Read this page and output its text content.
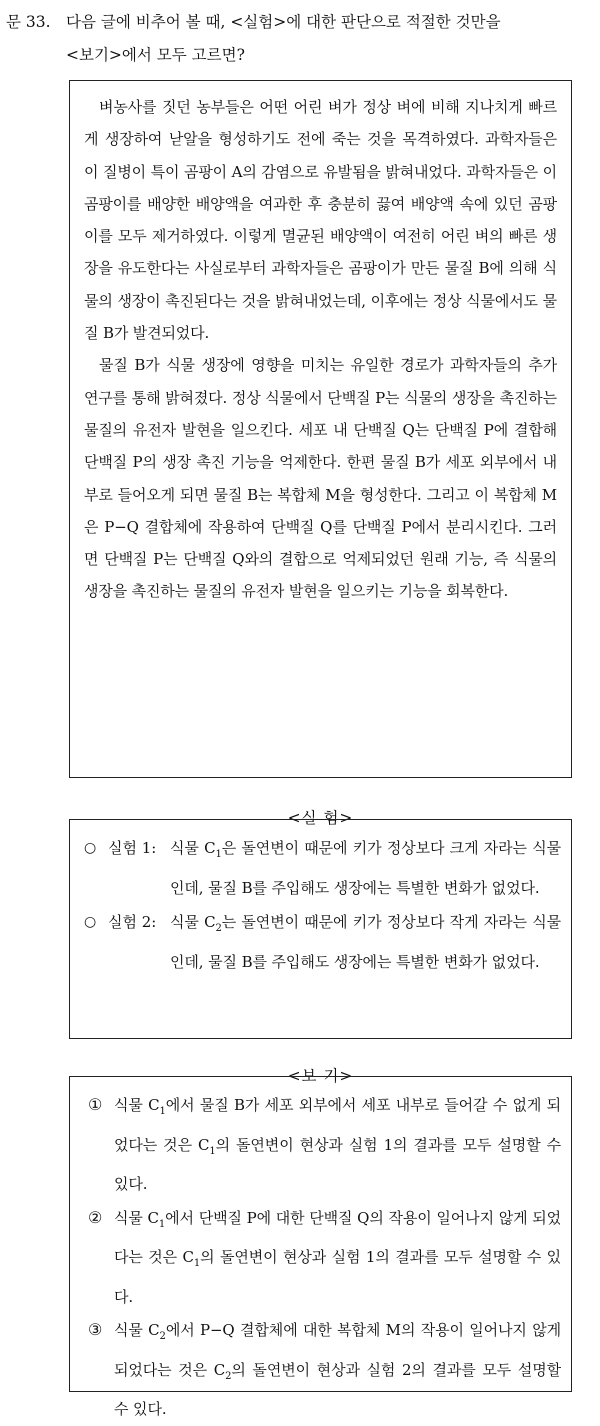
문 33. 다음 글에 비추어 볼 때, <실험>에 대한 판단으로 적절한 것만을
<보기>에서 모두 고르면?

벼농사를 짓던 농부들은 어떤 어린 벼가 정상 벼에 비해 지나치게 빠르게 생장하여 낟알을 형성하기도 전에 죽는 것을 목격하였다. 과학자들은 이 질병이 특이 곰팡이 A의 감염으로 유발됨을 밝혀내었다. 과학자들은 이 곰팡이를 배양한 배양액을 여과한 후 충분히 끓여 배양액 속에 있던 곰팡이를 모두 제거하였다. 이렇게 멸균된 배양액이 여전히 어린 벼의 빠른 생장을 유도한다는 사실로부터 과학자들은 곰팡이가 만든 물질 B에 의해 식물의 생장이 촉진된다는 것을 밝혀내었는데, 이후에는 정상 식물에서도 물질 B가 발견되었다.

물질 B가 식물 생장에 영향을 미치는 유일한 경로가 과학자들의 추가 연구를 통해 밝혀졌다. 정상 식물에서 단백질 P는 식물의 생장을 촉진하는 물질의 유전자 발현을 일으킨다. 세포 내 단백질 Q는 단백질 P에 결합해 단백질 P의 생장 촉진 기능을 억제한다. 한편 물질 B가 세포 외부에서 내부로 들어오게 되면 물질 B는 복합체 M을 형성한다. 그리고 이 복합체 M은 P−Q 결합체에 작용하여 단백질 Q를 단백질 P에서 분리시킨다. 그러면 단백질 P는 단백질 Q와의 결합으로 억제되었던 원래 기능, 즉 식물의 생장을 촉진하는 물질의 유전자 발현을 일으키는 기능을 회복한다.

<실 험>
○ 실험 1: 식물 $C_1$은 돌연변이 때문에 키가 정상보다 크게 자라는 식물인데, 물질 B를 주입해도 생장에는 특별한 변화가 없었다.
○ 실험 2: 식물 $C_2$는 돌연변이 때문에 키가 정상보다 작게 자라는 식물인데, 물질 B를 주입해도 생장에는 특별한 변화가 없었다.
<보 기>
① 식물 $C_1$에서 물질 B가 세포 외부에서 세포 내부로 들어갈 수 없게 되었다는 것은 $C_1$의 돌연변이 현상과 실험 1의 결과를 모두 설명할 수 있다.
② 식물 $C_1$에서 단백질 P에 대한 단백질 Q의 작용이 일어나지 않게 되었다는 것은 $C_1$의 돌연변이 현상과 실험 1의 결과를 모두 설명할 수 있다.
③ 식물 $C_2$에서 P−Q 결합체에 대한 복합체 M의 작용이 일어나지 않게 되었다는 것은 $C_2$의 돌연변이 현상과 실험 2의 결과를 모두 설명할 수 있다.
